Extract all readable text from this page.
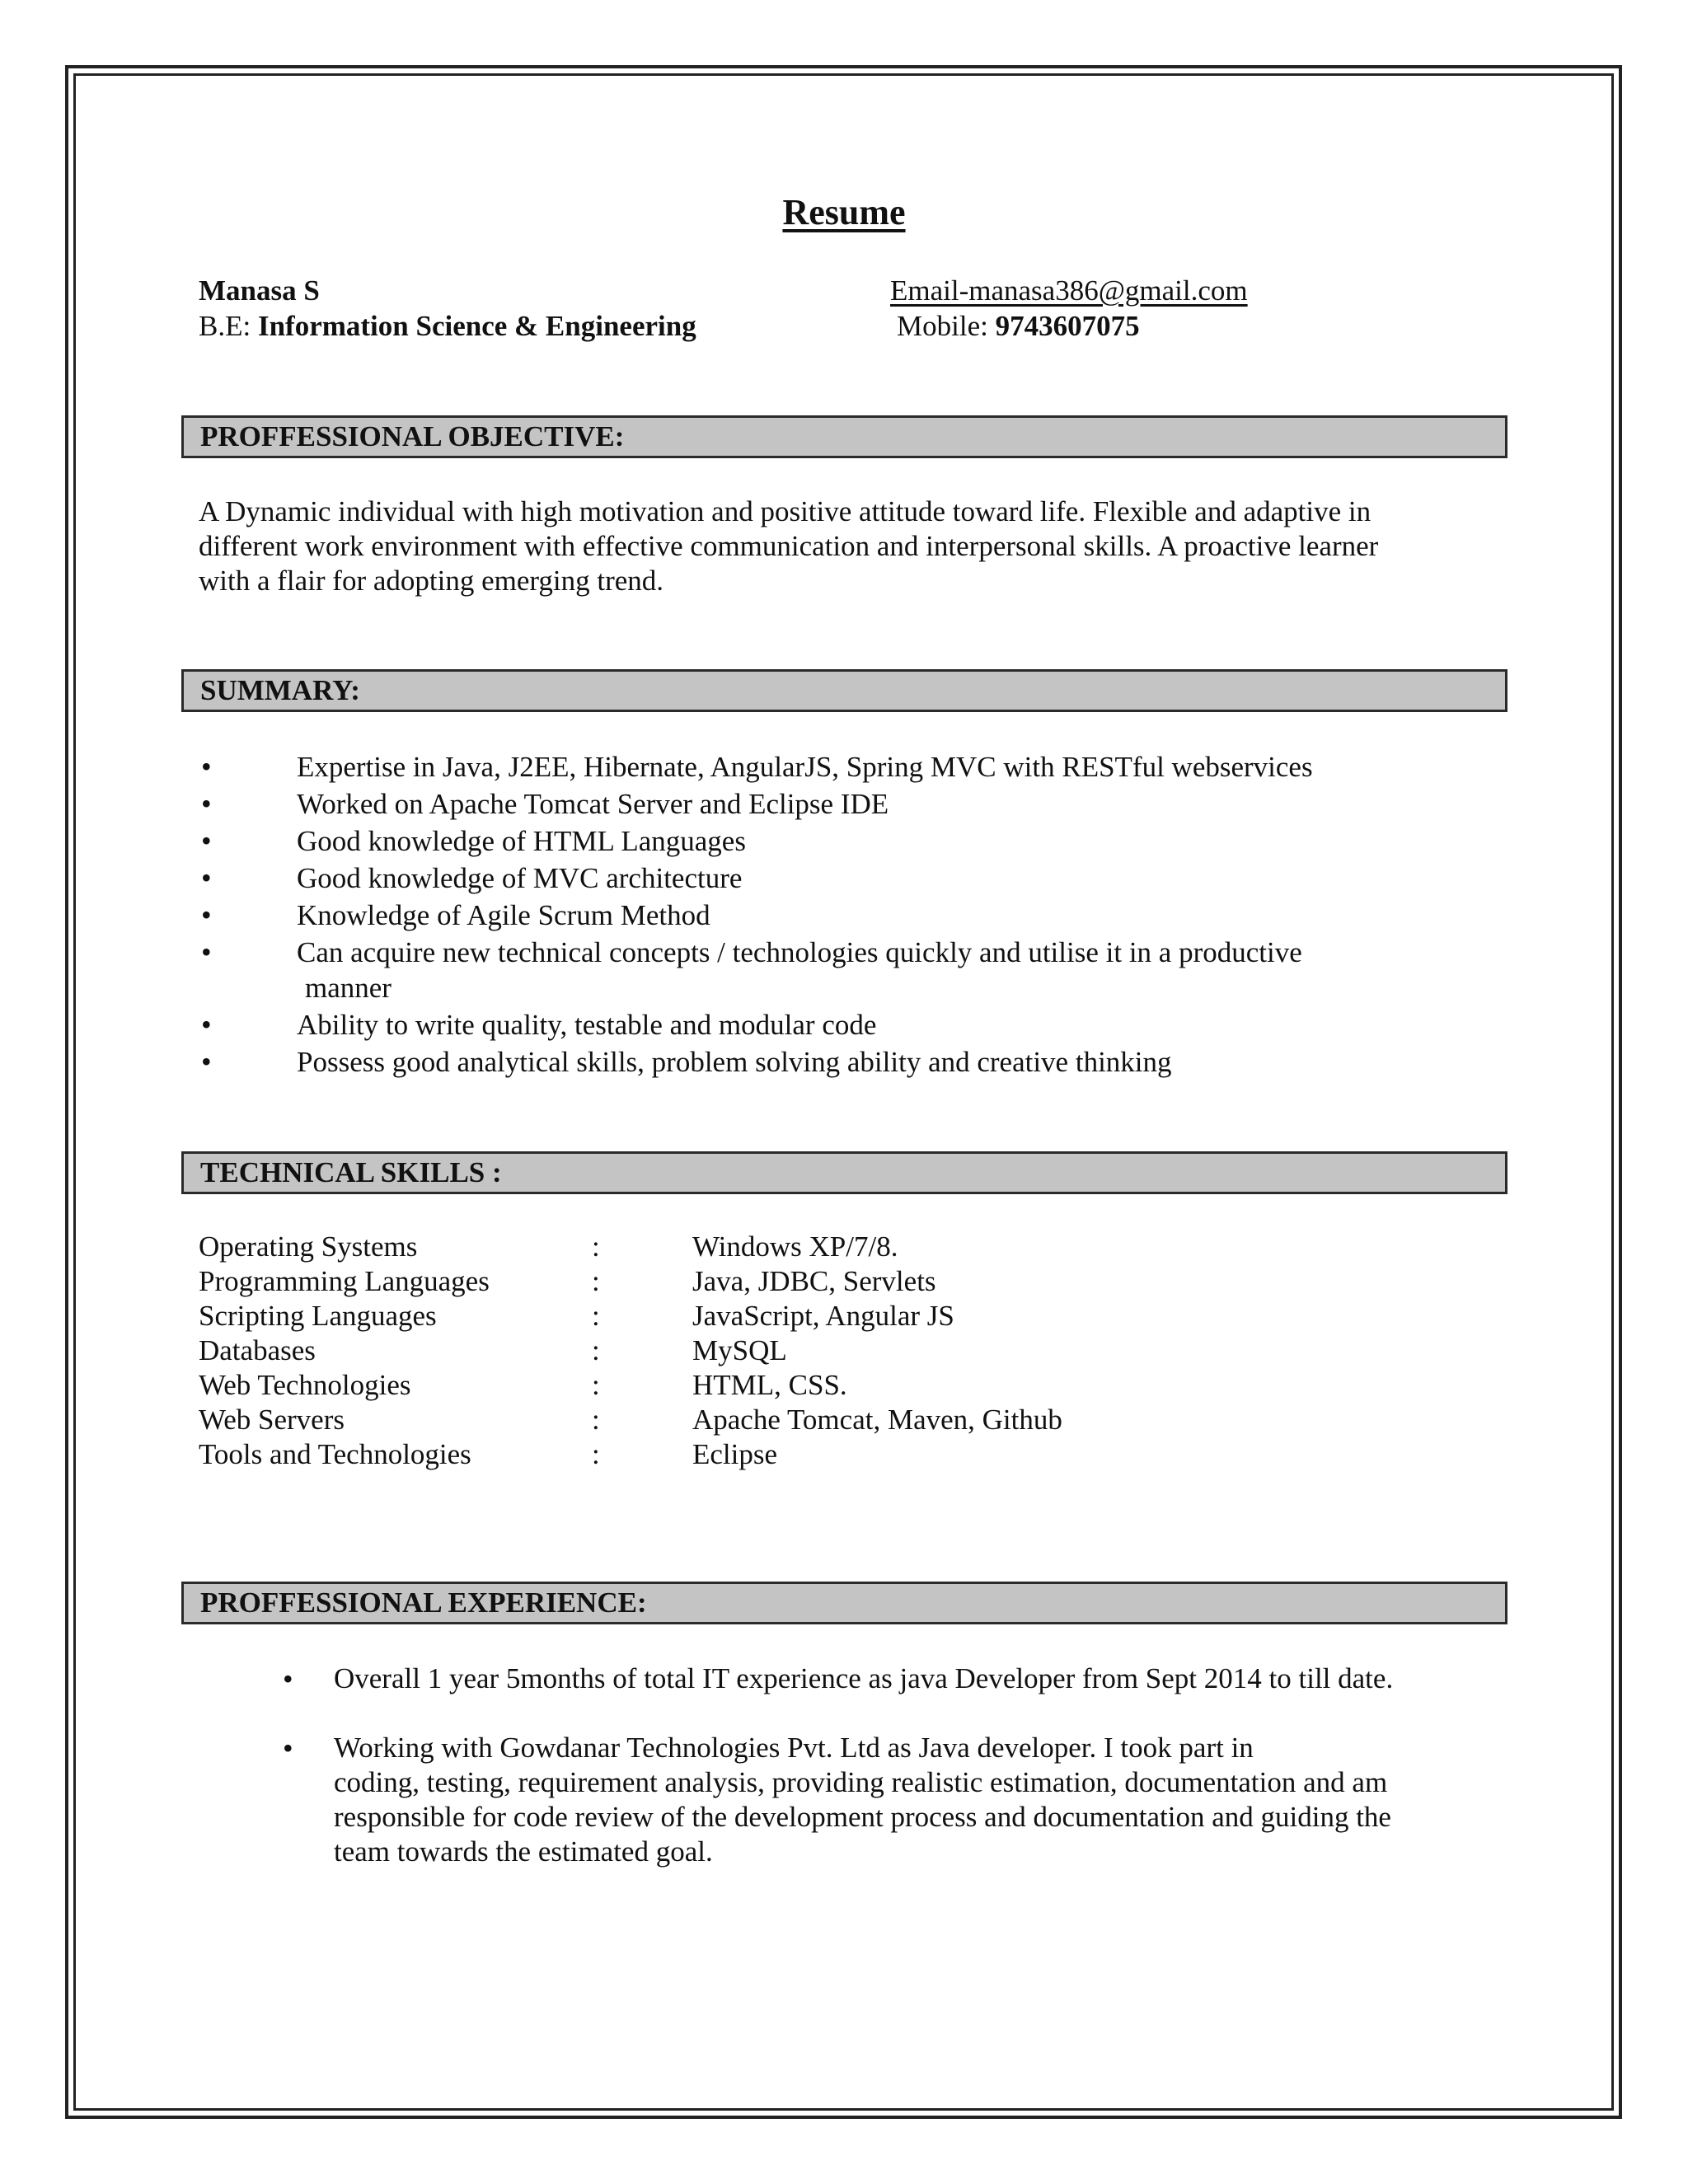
Resume
Manasa S
B.E: Information Science & Engineering
Email-manasa386@gmail.com
Mobile: 9743607075
PROFFESSIONAL OBJECTIVE:
A Dynamic individual with high motivation and positive attitude toward life. Flexible and adaptive in
different work environment with effective communication and interpersonal skills. A proactive learner
with a flair for adopting emerging trend.
SUMMARY:
•	Expertise in Java, J2EE, Hibernate, AngularJS, Spring MVC with RESTful webservices
•	Worked on Apache Tomcat Server and Eclipse IDE
•	Good knowledge of HTML Languages
•	Good knowledge of MVC architecture
•	Knowledge of Agile Scrum Method
•	Can acquire new technical concepts / technologies quickly and utilise it in a productive
manner
•	Ability to write quality, testable and modular code
•	Possess good analytical skills, problem solving ability and creative thinking
TECHNICAL SKILLS :
Operating Systems	:	Windows XP/7/8.
Programming Languages	:	Java, JDBC, Servlets
Scripting Languages	:	JavaScript, Angular JS
Databases	:	MySQL
Web Technologies	:	HTML, CSS.
Web Servers	:	Apache Tomcat, Maven, Github
Tools and Technologies	:	Eclipse
PROFFESSIONAL EXPERIENCE:
• Overall 1 year 5months of total IT experience as java Developer from Sept 2014 to till date.
• Working with Gowdanar Technologies Pvt. Ltd as Java developer. I took part in
coding, testing, requirement analysis, providing realistic estimation, documentation and am
responsible for code review of the development process and documentation and guiding the
team towards the estimated goal.
